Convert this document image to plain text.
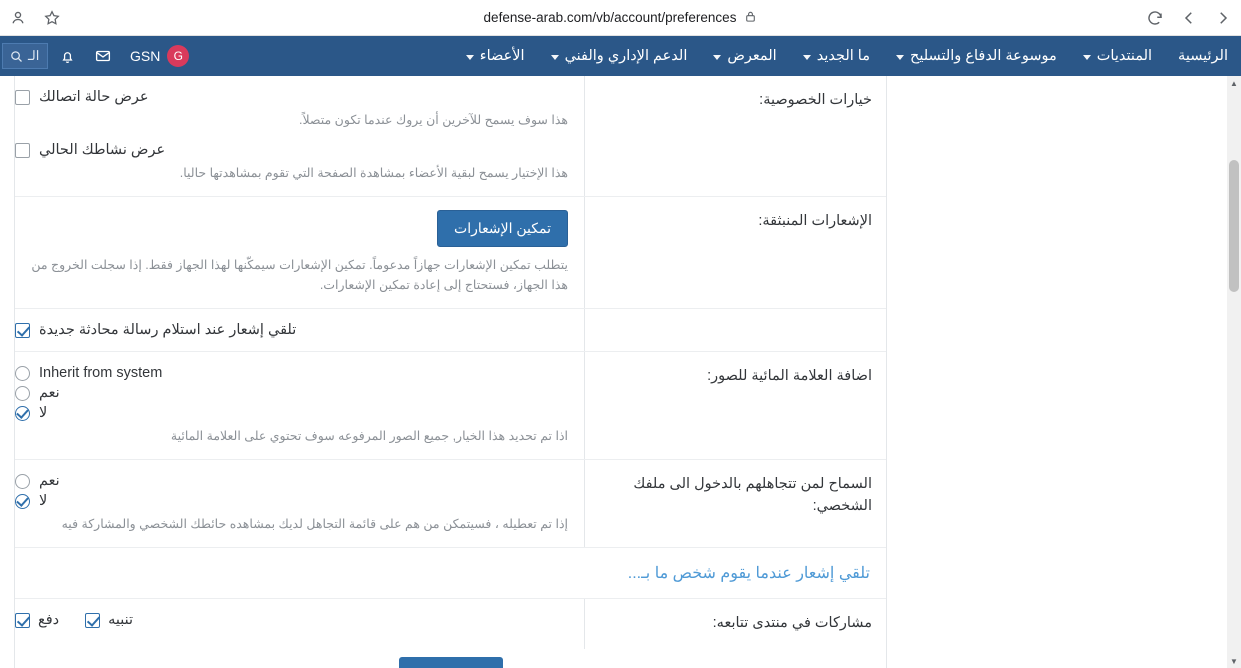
defense-arab.com/vb/account/preferences
الرئيسية
المنتديات
موسوعة الدفاع والتسليح
ما الجديد
المعرض
الدعم الإداري والفني
الأعضاء
الـ	GSN	G
خيارات الخصوصية:
عرض حالة اتصالك
هذا سوف يسمح للآخرين أن يروك عندما تكون متصلاً.
عرض نشاطك الحالي
هذا الإختيار يسمح لبقية الأعضاء بمشاهدة الصفحة التي تقوم بمشاهدتها حاليا.
الإشعارات المنبثقة:
تمكين الإشعارات
يتطلب تمكين الإشعارات جهازاً مدعوماً. تمكين الإشعارات سيمكّنها لهذا الجهاز فقط. إذا سجلت الخروج من هذا الجهاز، فستحتاج إلى إعادة تمكين الإشعارات.
تلقي إشعار عند استلام رسالة محادثة جديدة
اضافة العلامة المائية للصور:
Inherit from system
نعم
لا
اذا تم تحديد هذا الخيار, جميع الصور المرفوعه سوف تحتوي على العلامة المائية
السماح لمن تتجاهلهم بالدخول الى ملفك الشخصي:
نعم
لا
إذا تم تعطيله ، فسيتمكن من هم على قائمة التجاهل لديك بمشاهده حائطك الشخصي والمشاركة فيه
تلقي إشعار عندما يقوم شخص ما بـ...
مشاركات في منتدى تتابعه:
تنبيه
دفع
▲
▼
